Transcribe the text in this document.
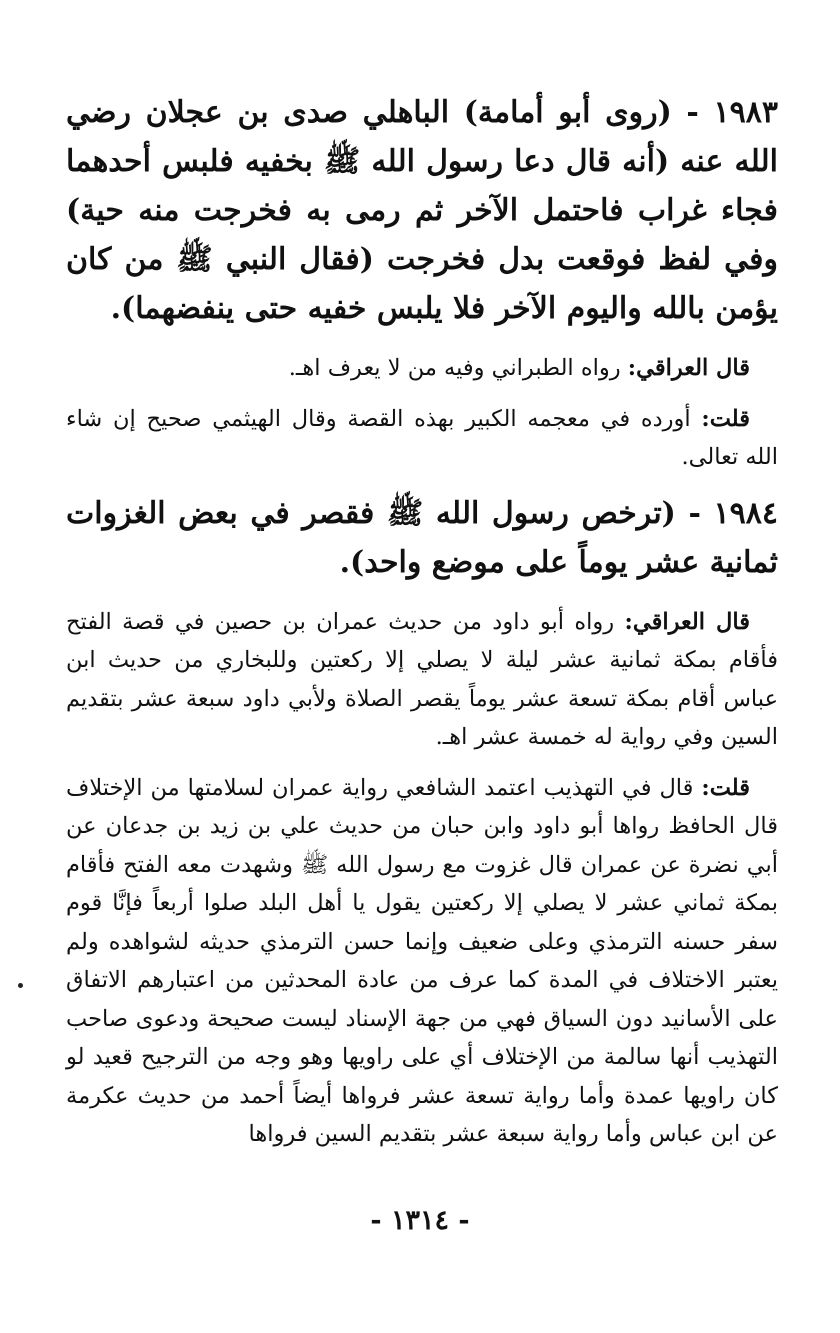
١٩٨٣ - (روى أبو أمامة) الباهلي صدى بن عجلان رضي الله عنه (أنه قال دعا رسول الله ﷺ بخفيه فلبس أحدهما فجاء غراب فاحتمل الآخر ثم رمى به فخرجت منه حية) وفي لفظ فوقعت بدل فخرجت (فقال النبي ﷺ من كان يؤمن بالله واليوم الآخر فلا يلبس خفيه حتى ينفضهما).

قال العراقي: رواه الطبراني وفيه من لا يعرف اهـ.

قلت: أورده في معجمه الكبير بهذه القصة وقال الهيثمي صحيح إن شاء الله تعالى.

١٩٨٤ - (ترخص رسول الله ﷺ فقصر في بعض الغزوات ثمانية عشر يوماً على موضع واحد).

قال العراقي: رواه أبو داود من حديث عمران بن حصين في قصة الفتح فأقام بمكة ثمانية عشر ليلة لا يصلي إلا ركعتين وللبخاري من حديث ابن عباس أقام بمكة تسعة عشر يوماً يقصر الصلاة ولأبي داود سبعة عشر بتقديم السين وفي رواية له خمسة عشر اهـ.

قلت: قال في التهذيب اعتمد الشافعي رواية عمران لسلامتها من الإختلاف قال الحافظ رواها أبو داود وابن حبان من حديث علي بن زيد بن جدعان عن أبي نضرة عن عمران قال غزوت مع رسول الله ﷺ وشهدت معه الفتح فأقام بمكة ثماني عشر لا يصلي إلا ركعتين يقول يا أهل البلد صلوا أربعاً فإنَّا قوم سفر حسنه الترمذي وعلى ضعيف وإنما حسن الترمذي حديثه لشواهده ولم يعتبر الاختلاف في المدة كما عرف من عادة المحدثين من اعتبارهم الاتفاق على الأسانيد دون السياق فهي من جهة الإسناد ليست صحيحة ودعوى صاحب التهذيب أنها سالمة من الإختلاف أي على راويها وهو وجه من الترجيح قعيد لو كان راويها عمدة وأما رواية تسعة عشر فرواها أيضاً أحمد من حديث عكرمة عن ابن عباس وأما رواية سبعة عشر بتقديم السين فرواها

- ١٣١٤ -
